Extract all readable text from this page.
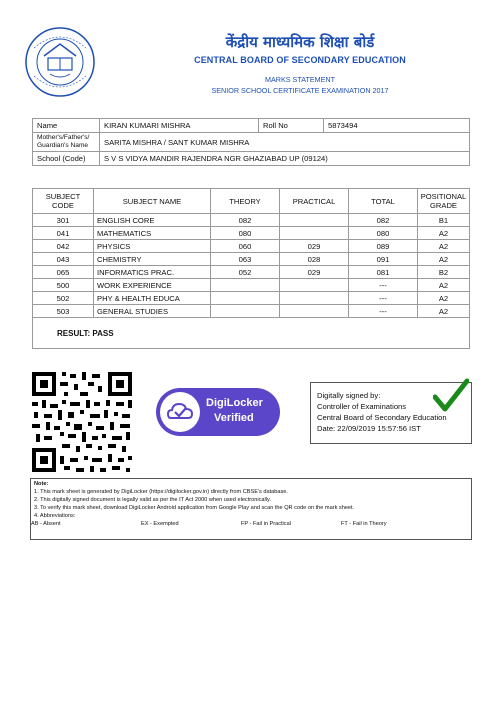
केंद्रीय माध्यमिक शिक्षा बोर्ड
CENTRAL BOARD OF SECONDARY EDUCATION
MARKS STATEMENT
SENIOR SCHOOL CERTIFICATE EXAMINATION 2017
Name	KIRAN KUMARI MISHRA	Roll No	5873494
Mother's/Father's/ Guardian's Name	SARITA MISHRA / SANT KUMAR MISHRA		
School (Code)	S V S VIDYA MANDIR RAJENDRA NGR GHAZIABAD UP (09124)		
SUBJECT CODE	SUBJECT NAME	THEORY	PRACTICAL	TOTAL	POSITIONAL GRADE
301	ENGLISH CORE	082		082	B1
041	MATHEMATICS	080		080	A2
042	PHYSICS	060	029	089	A2
043	CHEMISTRY	063	028	091	A2
065	INFORMATICS PRAC.	052	029	081	B2
500	WORK EXPERIENCE			---	A2
502	PHY & HEALTH EDUCA			---	A2
503	GENERAL STUDIES			---	A2
RESULT: PASS					
DigiLocker
Verified
Digitally signed by:
Controller of Examinations
Central Board of Secondary Education
Date: 22/09/2019 15:57:56 IST
Note:
1. This mark sheet is generated by DigiLocker (https://digilocker.gov.in) directly from CBSE's database.
2. This digitally signed document is legally valid as per the IT Act 2000 when used electronically.
3. To verify this mark sheet, download DigiLocker Android application from Google Play and scan the QR code on the mark sheet.
4. Abbreviations:
AB - Absent	EX - Exempted	FP - Fail in Practical	FT - Fail in Theory
